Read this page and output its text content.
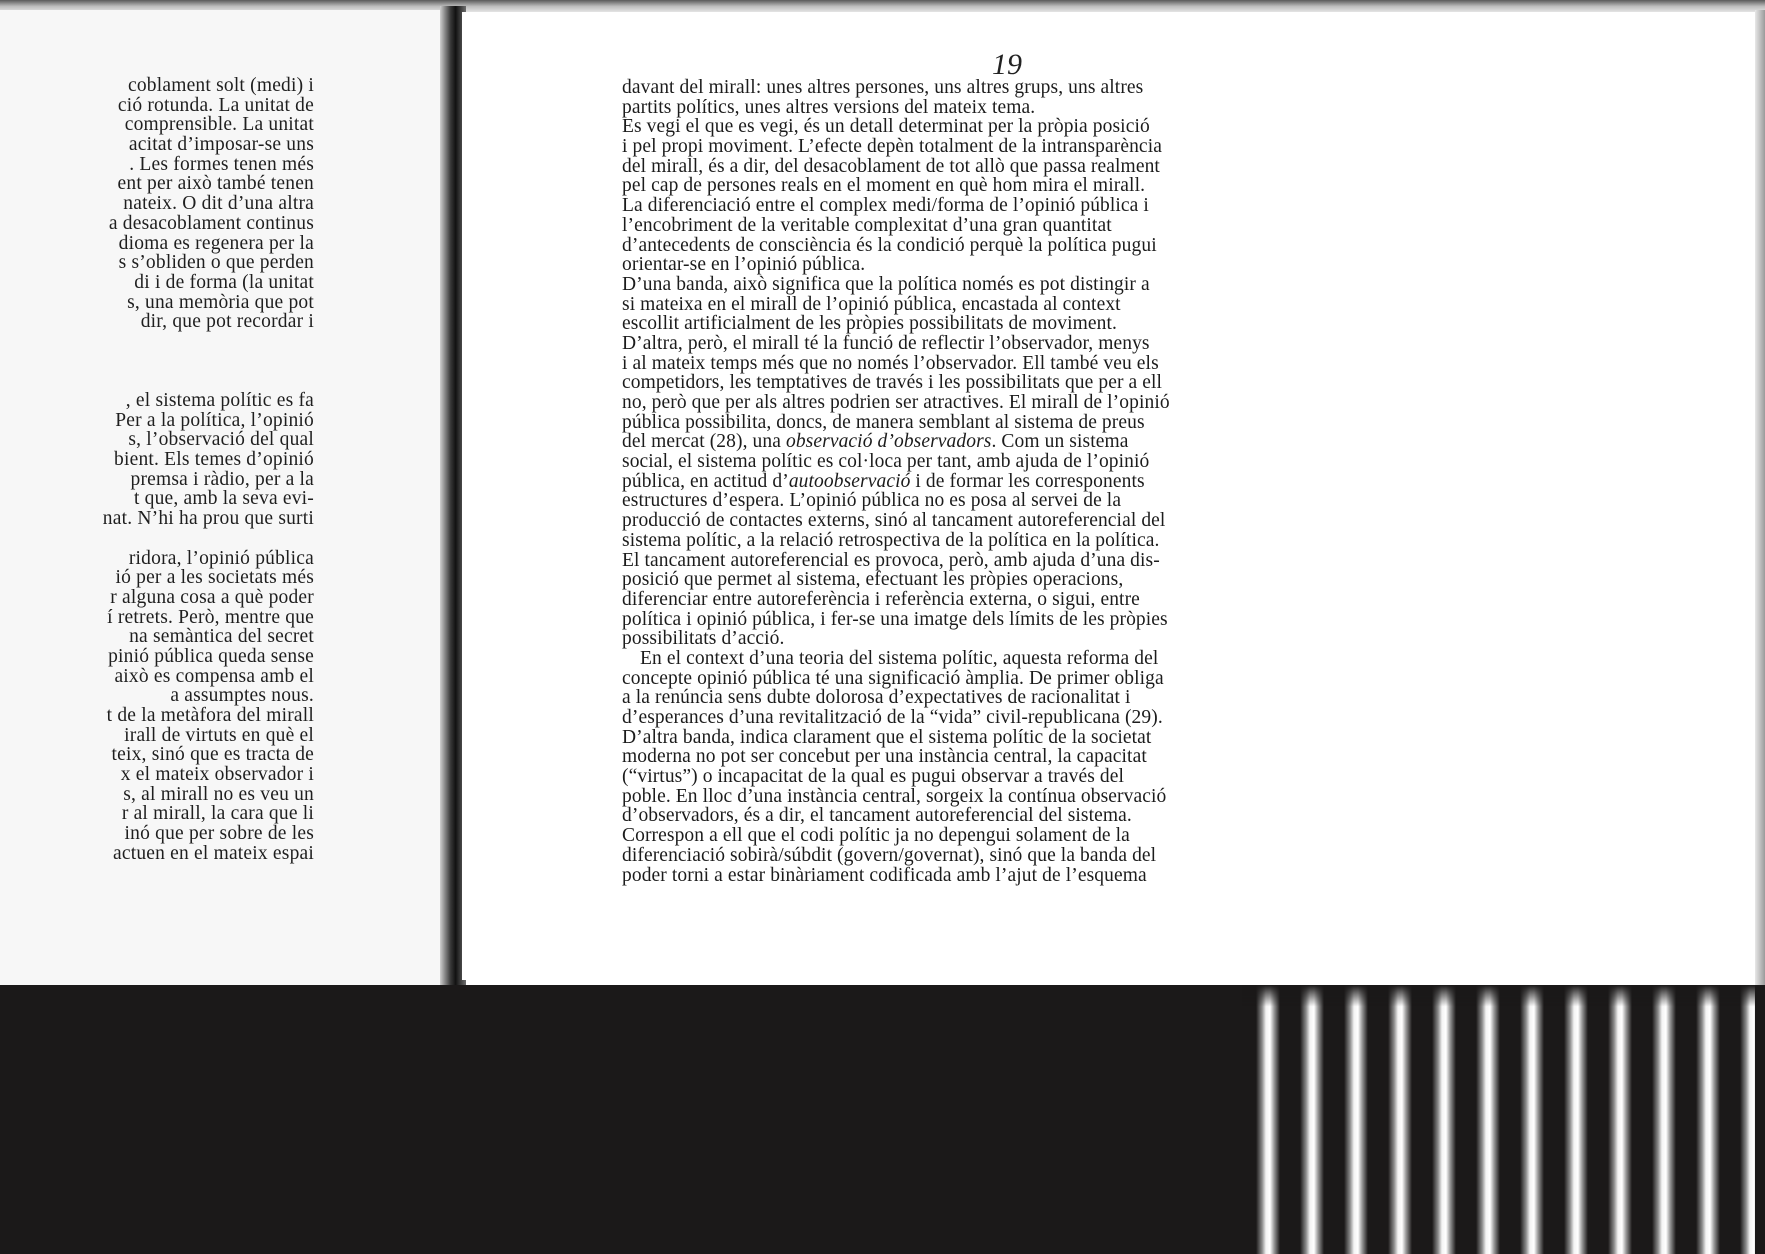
coblament solt (medi) i
ció rotunda. La unitat de
comprensible. La unitat
acitat d’imposar-se uns
. Les formes tenen més
ent per això també tenen
nateix. O dit d’una altra
a desacoblament continus
dioma es regenera per la
s s’obliden o que perden
di i de forma (la unitat
s, una memòria que pot
dir, que pot recordar i
, el sistema polític es fa
Per a la política, l’opinió
s, l’observació del qual
bient. Els temes d’opinió
premsa i ràdio, per a la
t que, amb la seva evi-
nat. N’hi ha prou que surti
ridora, l’opinió pública
ió per a les societats més
r alguna cosa a què poder
í retrets. Però, mentre que
na semàntica del secret
pinió pública queda sense
això es compensa amb el
a assumptes nous.
t de la metàfora del mirall
irall de virtuts en què el
teix, sinó que es tracta de
x el mateix observador i
s, al mirall no es veu un
r al mirall, la cara que li
inó que per sobre de les
actuen en el mateix espai
19
davant del mirall: unes altres persones, uns altres grups, uns altres
partits polítics, unes altres versions del mateix tema.
Es vegi el que es vegi, és un detall determinat per la pròpia posició
i pel propi moviment. L’efecte depèn totalment de la intransparència
del mirall, és a dir, del desacoblament de tot allò que passa realment
pel cap de persones reals en el moment en què hom mira el mirall.
La diferenciació entre el complex medi/forma de l’opinió pública i
l’encobriment de la veritable complexitat d’una gran quantitat
d’antecedents de consciència és la condició perquè la política pugui
orientar-se en l’opinió pública.
D’una banda, això significa que la política només es pot distingir a
si mateixa en el mirall de l’opinió pública, encastada al context
escollit artificialment de les pròpies possibilitats de moviment.
D’altra, però, el mirall té la funció de reflectir l’observador, menys
i al mateix temps més que no només l’observador. Ell també veu els
competidors, les temptatives de través i les possibilitats que per a ell
no, però que per als altres podrien ser atractives. El mirall de l’opinió
pública possibilita, doncs, de manera semblant al sistema de preus
del mercat (28), una observació d’observadors. Com un sistema
social, el sistema polític es col·loca per tant, amb ajuda de l’opinió
pública, en actitud d’autoobservació i de formar les corresponents
estructures d’espera. L’opinió pública no es posa al servei de la
producció de contactes externs, sinó al tancament autoreferencial del
sistema polític, a la relació retrospectiva de la política en la política.
El tancament autoreferencial es provoca, però, amb ajuda d’una dis-
posició que permet al sistema, efectuant les pròpies operacions,
diferenciar entre autoreferència i referència externa, o sigui, entre
política i opinió pública, i fer-se una imatge dels límits de les pròpies
possibilitats d’acció.
En el context d’una teoria del sistema polític, aquesta reforma del
concepte opinió pública té una significació àmplia. De primer obliga
a la renúncia sens dubte dolorosa d’expectatives de racionalitat i
d’esperances d’una revitalització de la “vida” civil-republicana (29).
D’altra banda, indica clarament que el sistema polític de la societat
moderna no pot ser concebut per una instància central, la capacitat
(“virtus”) o incapacitat de la qual es pugui observar a través del
poble. En lloc d’una instància central, sorgeix la contínua observació
d’observadors, és a dir, el tancament autoreferencial del sistema.
Correspon a ell que el codi polític ja no depengui solament de la
diferenciació sobirà/súbdit (govern/governat), sinó que la banda del
poder torni a estar binàriament codificada amb l’ajut de l’esquema
